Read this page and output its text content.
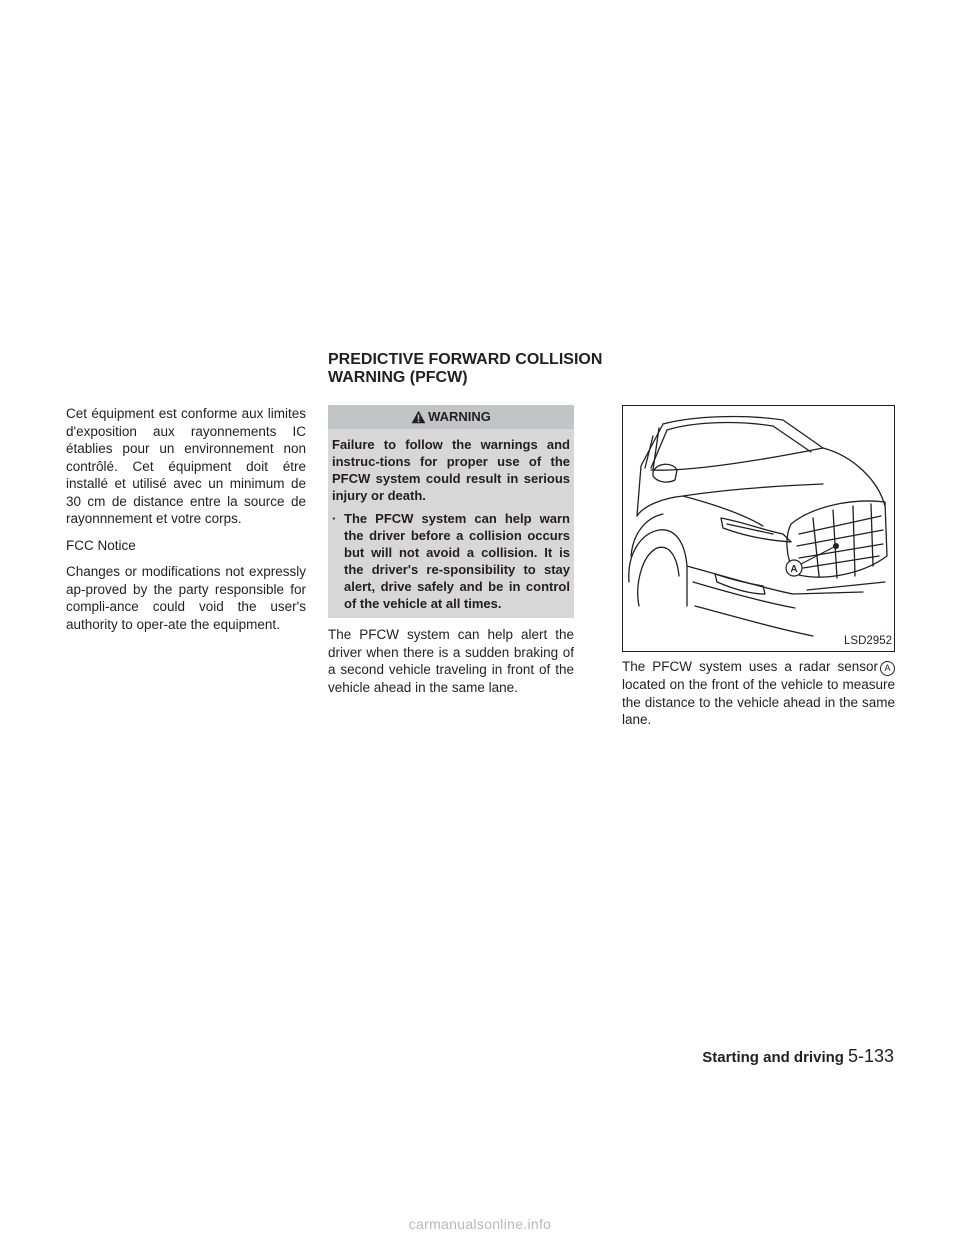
PREDICTIVE FORWARD COLLISION WARNING (PFCW)

Cet équipment est conforme aux limites d'exposition aux rayonnements IC établies pour un environnement non contrôlé. Cet équipment doit étre installé et utilisé avec un minimum de 30 cm de distance entre la source de rayonnnement et votre corps.

FCC Notice

Changes or modifications not expressly ap-proved by the party responsible for compli-ance could void the user's authority to oper-ate the equipment.

WARNING

Failure to follow the warnings and instruc-tions for proper use of the PFCW system could result in serious injury or death.

· The PFCW system can help warn the driver before a collision occurs but will not avoid a collision. It is the driver's re-sponsibility to stay alert, drive safely and be in control of the vehicle at all times.

The PFCW system can help alert the driver when there is a sudden braking of a second vehicle traveling in front of the vehicle ahead in the same lane.

A
LSD2952

The PFCW system uses a radar sensor A located on the front of the vehicle to measure the distance to the vehicle ahead in the same lane.

Starting and driving 5-133
carmanualsonline.info
